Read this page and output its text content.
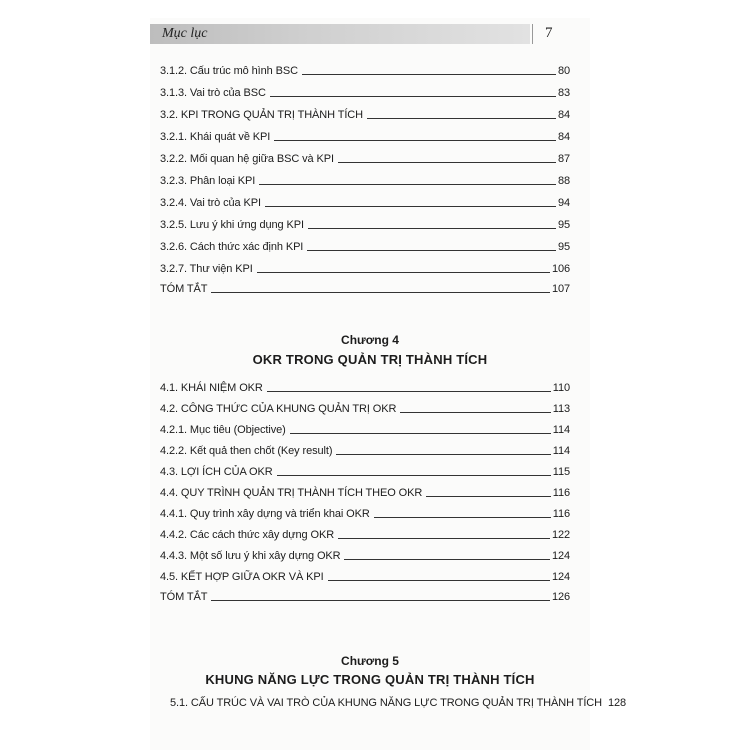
Mục lục	7
3.1.2. Cấu trúc mô hình BSC	80
3.1.3. Vai trò của BSC	83
3.2. KPI TRONG QUẢN TRỊ THÀNH TÍCH	84
3.2.1. Khái quát về KPI	84
3.2.2. Mối quan hệ giữa BSC và KPI	87
3.2.3. Phân loại KPI	88
3.2.4. Vai trò của KPI	94
3.2.5. Lưu ý khi ứng dụng KPI	95
3.2.6. Cách thức xác định KPI	95
3.2.7. Thư viện KPI	106
TÓM TẮT	107
Chương 4
OKR TRONG QUẢN TRỊ THÀNH TÍCH
4.1. KHÁI NIỆM OKR	110
4.2. CÔNG THỨC CỦA KHUNG QUẢN TRỊ OKR	113
4.2.1. Mục tiêu (Objective)	114
4.2.2. Kết quả then chốt (Key result)	114
4.3. LỢI ÍCH CỦA OKR	115
4.4. QUY TRÌNH QUẢN TRỊ THÀNH TÍCH THEO OKR	116
4.4.1. Quy trình xây dựng và triển khai OKR	116
4.4.2. Các cách thức xây dựng OKR	122
4.4.3. Một số lưu ý khi xây dựng OKR	124
4.5. KẾT HỢP GIỮA OKR VÀ KPI	124
TÓM TẮT	126
Chương 5
KHUNG NĂNG LỰC TRONG QUẢN TRỊ THÀNH TÍCH
5.1. CẤU TRÚC VÀ VAI TRÒ CỦA KHUNG NĂNG LỰC TRONG QUẢN TRỊ THÀNH TÍCH 128
